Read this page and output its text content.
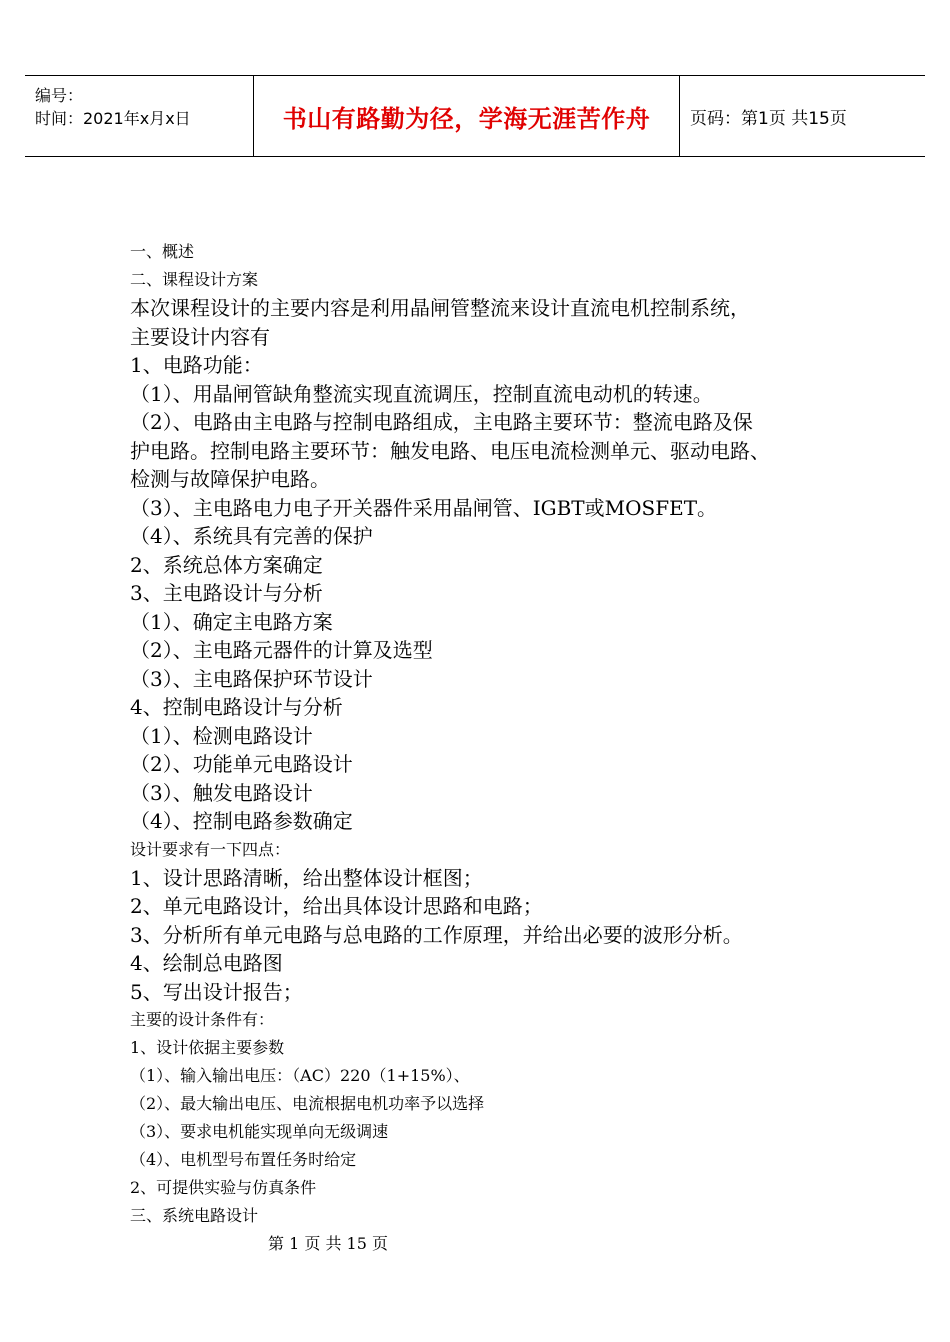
编号：
时间：2021年x月x日	书山有路勤为径，学海无涯苦作舟	页码：第1页 共15页
一、概述
二、课程设计方案
本次课程设计的主要内容是利用晶闸管整流来设计直流电机控制系统，
主要设计内容有
1、电路功能：
（1）、用晶闸管缺角整流实现直流调压，控制直流电动机的转速。
（2）、电路由主电路与控制电路组成，主电路主要环节：整流电路及保
护电路。控制电路主要环节：触发电路、电压电流检测单元、驱动电路、
检测与故障保护电路。
（3）、主电路电力电子开关器件采用晶闸管、IGBT或MOSFET。
（4）、系统具有完善的保护
2、系统总体方案确定
3、主电路设计与分析
（1）、确定主电路方案
（2）、主电路元器件的计算及选型
（3）、主电路保护环节设计
4、控制电路设计与分析
（1）、检测电路设计
（2）、功能单元电路设计
（3）、触发电路设计
（4）、控制电路参数确定
设计要求有一下四点：
1、设计思路清晰，给出整体设计框图；
2、单元电路设计，给出具体设计思路和电路；
3、分析所有单元电路与总电路的工作原理，并给出必要的波形分析。
4、绘制总电路图
5、写出设计报告；
主要的设计条件有：
1、设计依据主要参数
（1）、输入输出电压：（AC）220（1+15%）、
（2）、最大输出电压、电流根据电机功率予以选择
（3）、要求电机能实现单向无级调速
（4）、电机型号布置任务时给定
2、可提供实验与仿真条件
三、系统电路设计
第 1 页 共 15 页
